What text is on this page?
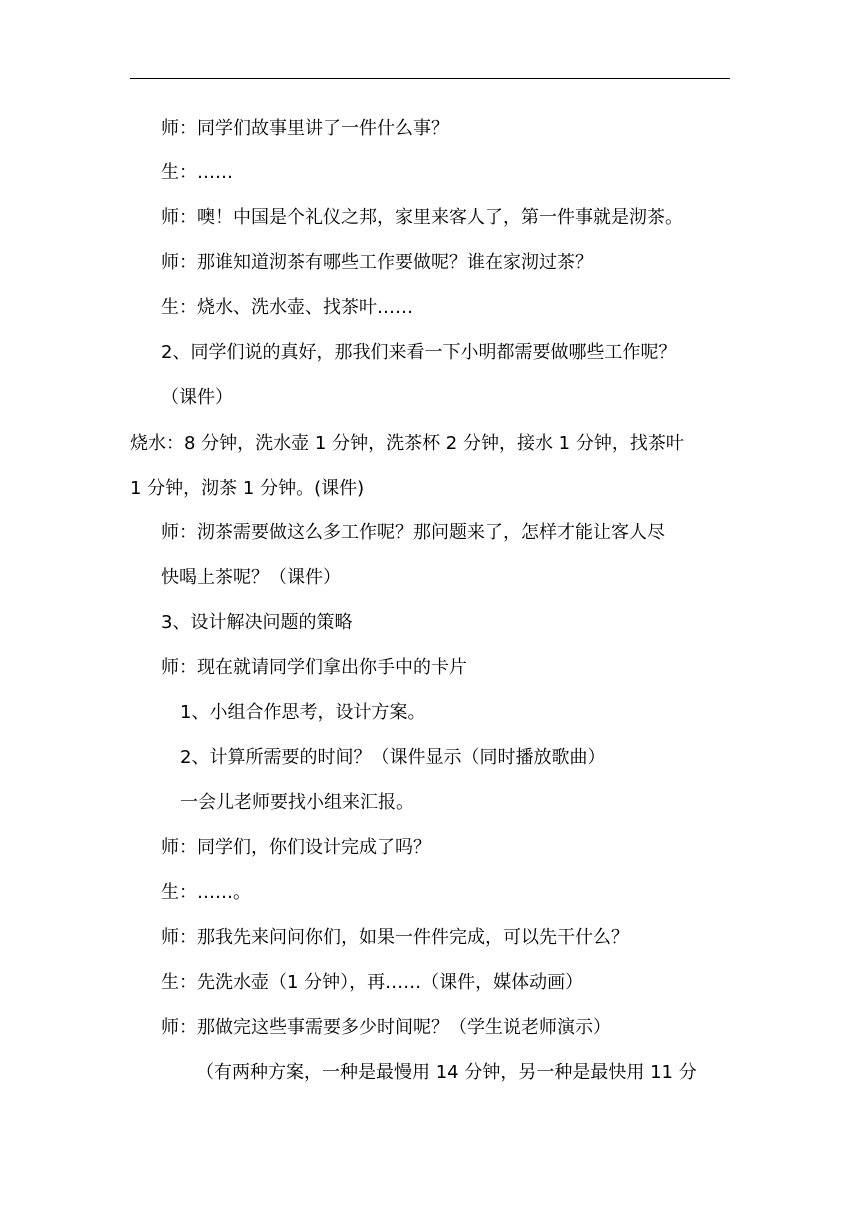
师：同学们故事里讲了一件什么事？
生：……
师：噢！中国是个礼仪之邦，家里来客人了，第一件事就是沏茶。
师：那谁知道沏茶有哪些工作要做呢？谁在家沏过茶？
生：烧水、洗水壶、找茶叶……
2、同学们说的真好，那我们来看一下小明都需要做哪些工作呢？
（课件）
烧水：8 分钟，洗水壶 1 分钟，洗茶杯 2 分钟，接水 1 分钟，找茶叶
1 分钟，沏茶 1 分钟。(课件)
师：沏茶需要做这么多工作呢？那问题来了，怎样才能让客人尽
快喝上茶呢？（课件）
3、设计解决问题的策略
师：现在就请同学们拿出你手中的卡片
1、小组合作思考，设计方案。
2、计算所需要的时间？（课件显示（同时播放歌曲）
一会儿老师要找小组来汇报。
师：同学们，你们设计完成了吗？
生：……。
师：那我先来问问你们，如果一件件完成，可以先干什么？
生：先洗水壶（1 分钟），再……（课件，媒体动画）
师：那做完这些事需要多少时间呢？（学生说老师演示）
（有两种方案，一种是最慢用 14 分钟，另一种是最快用 11 分
